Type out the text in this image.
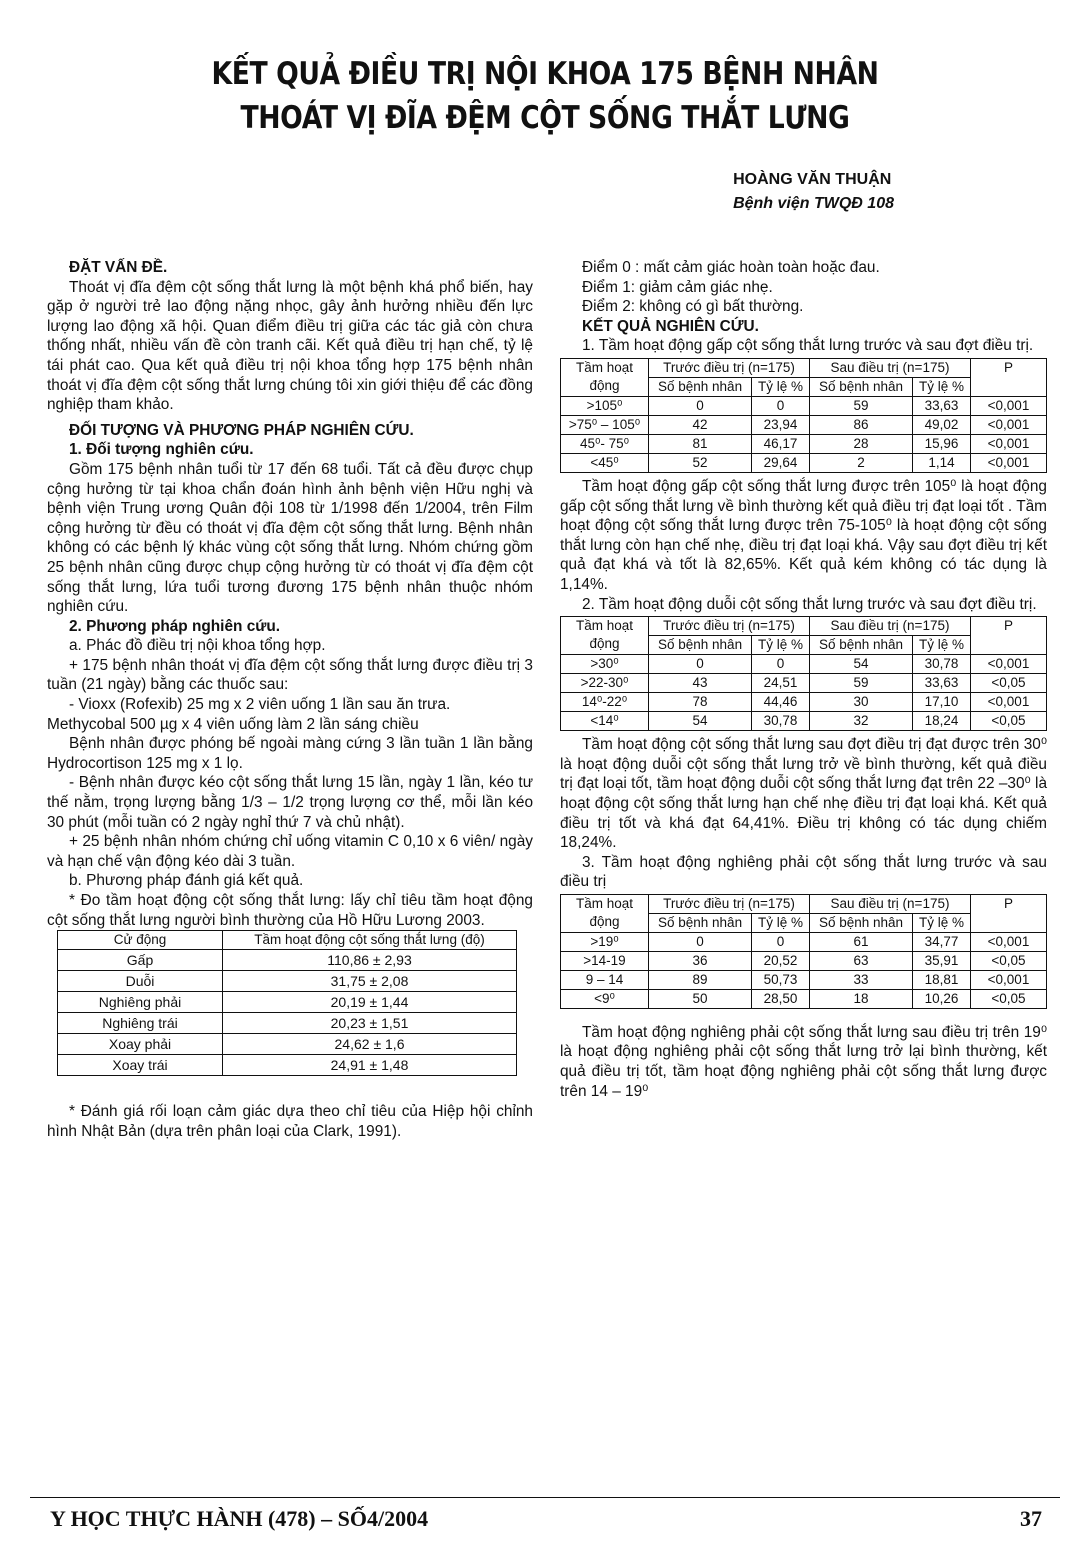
KẾT QUẢ ĐIỀU TRỊ NỘI KHOA 175 BỆNH NHÂN
THOÁT VỊ ĐĨA ĐỆM CỘT SỐNG THẮT LƯNG
HOÀNG VĂN THUẬN
Bệnh viện TWQĐ 108

ĐẶT VẤN ĐỀ.

Thoát vị đĩa đệm cột sống thắt lưng là một bệnh khá phổ biến, hay gặp ở người trẻ lao động nặng nhọc, gây ảnh hưởng nhiều đến lực lượng lao động xã hội. Quan điểm điều trị giữa các tác giả còn chưa thống nhất, nhiều vấn đề còn tranh cãi. Kết quả điều trị hạn chế, tỷ lệ tái phát cao. Qua kết quả điều trị nội khoa tổng hợp 175 bệnh nhân thoát vị đĩa đệm cột sống thắt lưng chúng tôi xin giới thiệu để các đồng nghiệp tham khảo.

ĐỐI TƯỢNG VÀ PHƯƠNG PHÁP NGHIÊN CỨU.

1. Đối tượng nghiên cứu.

Gồm 175 bệnh nhân tuổi từ 17 đến 68 tuổi. Tất cả đều được chụp cộng hưởng từ tại khoa chẩn đoán hình ảnh bệnh viện Hữu nghị và bệnh viện Trung ương Quân đội 108 từ 1/1998 đến 1/2004, trên Film cộng hưởng từ đều có thoát vị đĩa đệm cột sống thắt lưng. Bệnh nhân không có các bệnh lý khác vùng cột sống thắt lưng. Nhóm chứng gồm 25 bệnh nhân cũng được chụp cộng hưởng từ có thoát vị đĩa đệm cột sống thắt lưng, lứa tuổi tương đương 175 bệnh nhân thuộc nhóm nghiên cứu.

2. Phương pháp nghiên cứu.

a. Phác đồ điều trị nội khoa tổng hợp.

+ 175 bệnh nhân thoát vị đĩa đệm cột sống thắt lưng được điều trị 3 tuần (21 ngày) bằng các thuốc sau:

- Vioxx (Rofexib) 25 mg x 2 viên uống 1 lần sau ăn trưa.

Methycobal 500 µg x 4 viên uống làm 2 lần sáng chiều

Bệnh nhân được phóng bế ngoài màng cứng 3 lần tuần 1 lần bằng Hydrocortison 125 mg x 1 lọ.

- Bệnh nhân được kéo cột sống thắt lưng 15 lần, ngày 1 lần, kéo tư thế nằm, trọng lượng bằng 1/3 – 1/2 trọng lượng cơ thể, mỗi lần kéo 30 phút (mỗi tuần có 2 ngày nghỉ thứ 7 và chủ nhật).

+ 25 bệnh nhân nhóm chứng chỉ uống vitamin C 0,10 x 6 viên/ ngày và hạn chế vận động kéo dài 3 tuần.

b. Phương pháp đánh giá kết quả.

* Đo tầm hoạt động cột sống thắt lưng: lấy chỉ tiêu tầm hoạt động cột sống thắt lưng người bình thường của Hồ Hữu Lương 2003.

Cử động	Tầm hoạt động cột sống thắt lưng (độ)
Gấp	110,86 ± 2,93
Duỗi	31,75 ± 2,08
Nghiêng phải	20,19 ± 1,44
Nghiêng trái	20,23 ± 1,51
Xoay phải	24,62 ± 1,6
Xoay trái	24,91 ± 1,48

* Đánh giá rối loạn cảm giác dựa theo chỉ tiêu của Hiệp hội chỉnh hình Nhật Bản (dựa trên phân loại của Clark, 1991).

Điểm 0 : mất cảm giác hoàn toàn hoặc đau.

Điểm 1: giảm cảm giác nhẹ.

Điểm 2: không có gì bất thường.

KẾT QUẢ NGHIÊN CỨU.

1. Tầm hoạt động gấp cột sống thắt lưng trước và sau đợt điều trị.

Tầm hoạt động	Trước điều trị (n=175)		Sau điều trị (n=175)		P
	Số bệnh nhân	Tỷ lệ %	Số bệnh nhân	Tỷ lệ %	
>105⁰	0	0	59	33,63	<0,001
>75⁰ – 105⁰	42	23,94	86	49,02	<0,001
45⁰- 75⁰	81	46,17	28	15,96	<0,001
<45⁰	52	29,64	2	1,14	<0,001

Tầm hoạt động gấp cột sống thắt lưng được trên 105⁰ là hoạt động gấp cột sống thắt lưng về bình thường kết quả điều trị đạt loại tốt . Tầm hoạt động cột sống thắt lưng được trên 75-105⁰ là hoạt động cột sống thắt lưng còn hạn chế nhẹ, điều trị đạt loại khá. Vậy sau đợt điều trị kết quả đạt khá và tốt là 82,65%. Kết quả kém không có tác dụng là 1,14%.

2. Tầm hoạt động duỗi cột sống thắt lưng trước và sau đợt điều trị.

Tầm hoạt động	Trước điều trị (n=175)		Sau điều trị (n=175)		P
	Số bệnh nhân	Tỷ lệ %	Số bệnh nhân	Tỷ lệ %	
>30⁰	0	0	54	30,78	<0,001
>22-30⁰	43	24,51	59	33,63	<0,05
14⁰-22⁰	78	44,46	30	17,10	<0,001
<14⁰	54	30,78	32	18,24	<0,05

Tầm hoạt động cột sống thắt lưng sau đợt điều trị đạt được trên 30⁰ là hoạt động duỗi cột sống thắt lưng trở về bình thường, kết quả điều trị đạt loại tốt, tầm hoạt động duỗi cột sống thắt lưng đạt trên 22 –30⁰ là hoạt động cột sống thắt lưng hạn chế nhẹ điều trị đạt loại khá. Kết quả điều trị tốt và khá đạt 64,41%. Điều trị không có tác dụng chiếm 18,24%.

3. Tầm hoạt động nghiêng phải cột sống thắt lưng trước và sau điều trị

Tầm hoạt động	Trước điều trị (n=175)		Sau điều trị (n=175)		P
	Số bệnh nhân	Tỷ lệ %	Số bệnh nhân	Tỷ lệ %	
>19⁰	0	0	61	34,77	<0,001
>14-19	36	20,52	63	35,91	<0,05
9 – 14	89	50,73	33	18,81	<0,001
<9⁰	50	28,50	18	10,26	<0,05

Tầm hoạt động nghiêng phải cột sống thắt lưng sau điều trị trên 19⁰ là hoạt động nghiêng phải cột sống thắt lưng trở lại bình thường, kết quả điều trị tốt, tầm hoạt động nghiêng phải cột sống thắt lưng được trên 14 – 19⁰

Y HỌC THỰC HÀNH (478) – SỐ4/2004	37
